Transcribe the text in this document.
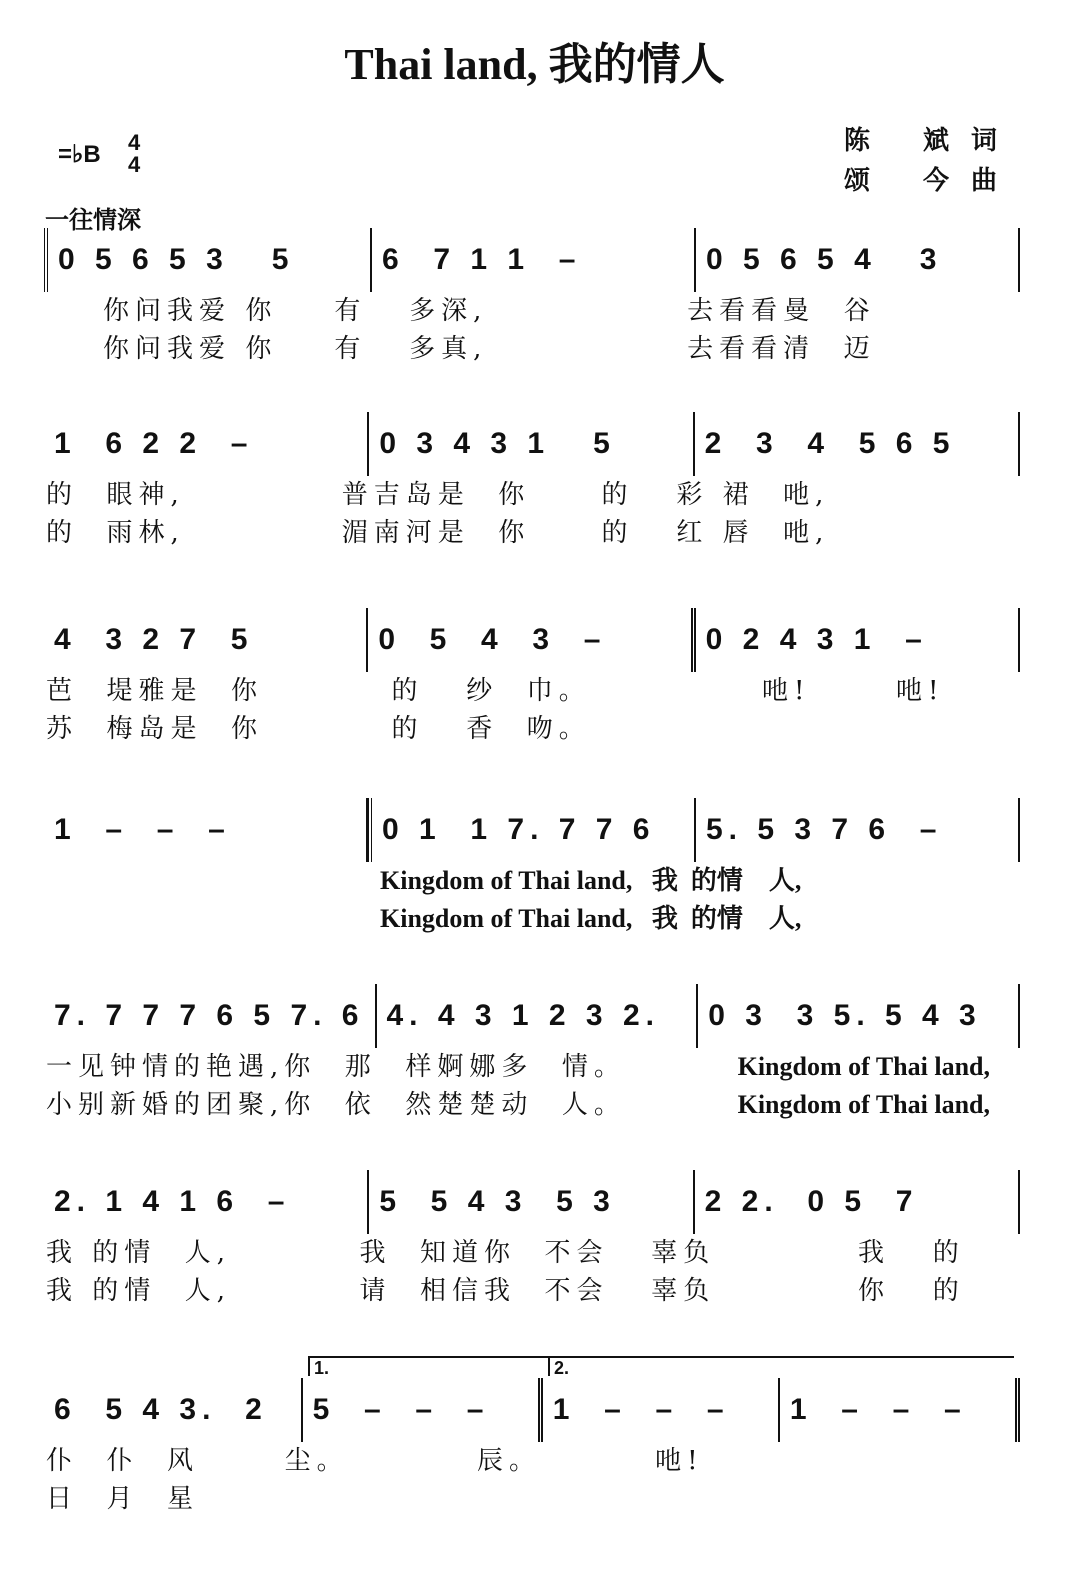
Thai land, 我的情人
陈 斌词
颂 今曲
=♭B 4
4
一往情深
0 5 6 5 3   5	6  7 1 1  –	0 5 6 5 4   3
你问我爱 你    有   多深,              去看看曼  谷
你问我爱 你    有   多真,              去看看清  迈
1  6 2 2  –	0 3 4 3 1   5	2  3  4  5 6 5
的  眼神,           普吉岛是  你     的   彩 裙  吔,
的  雨林,           湄南河是  你     的   红 唇  吔,
4  3 2 7  5	0  5  4  3  –	0 2 4 3 1  –
芭  堤雅是  你         的   纱  巾。            吔!      吔!
苏  梅岛是  你         的   香  吻。
1  –  –  –	0 1  1 7. 7 7 6 5. 5 3 7 6  –
Kingdom of Thai land,   我  的情    人,
Kingdom of Thai land,   我  的情    人,
7. 7 7 7 6 5 7. 6 4. 4 3 1 2 3 2. 0 3  3 5. 5 4 3
一见钟情的艳遇,你  那  样婀娜多  情。	Kingdom of Thai land,
小别新婚的团聚,你  依  然楚楚动  人。	Kingdom of Thai land,
2. 1 4 1 6  –	5  5 4 3  5 3	2 2.  0 5  7
我 的情  人,         我  知道你  不会   辜负          我   的
我 的情  人,         请  相信我  不会   辜负          你   的
1.	2.
6  5 4 3.  2 5  –  –  – 1  –  –  – 1  –  –  –
仆  仆  风      尘。         辰。        吔!
日  月  星
